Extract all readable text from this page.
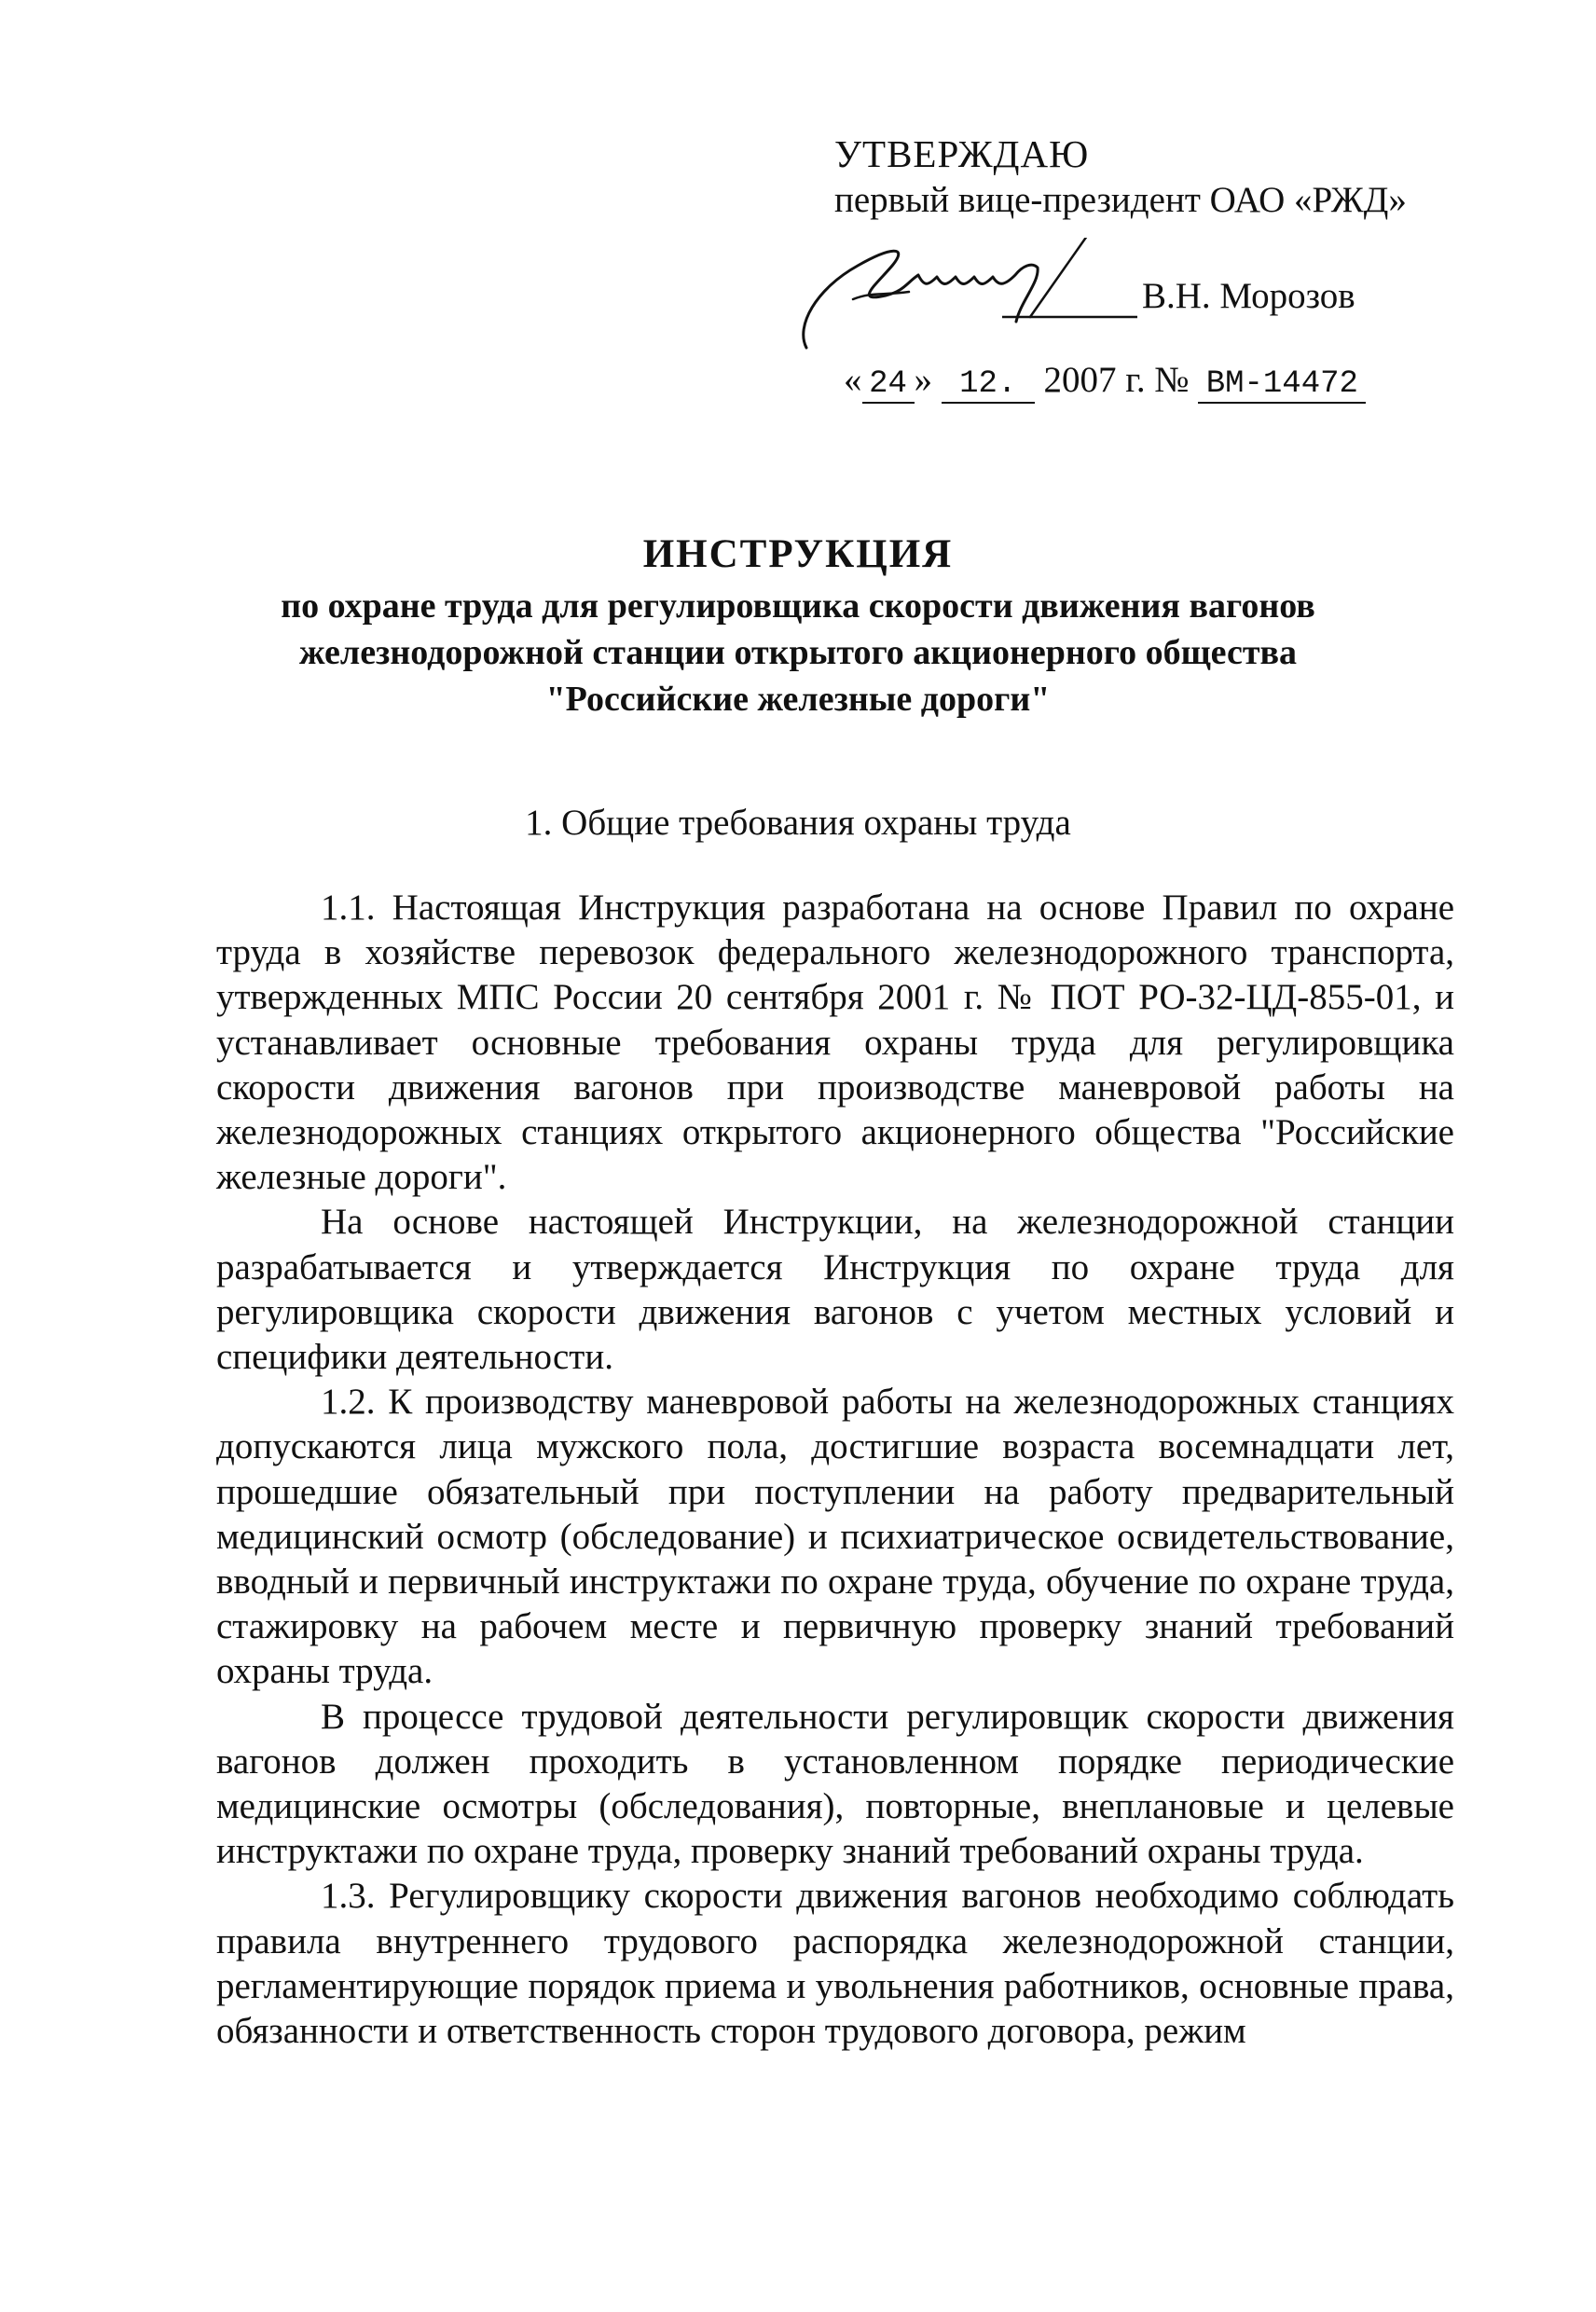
УТВЕРЖДАЮ
первый вице-президент ОАО «РЖД»
В.Н. Морозов
« 24 » 12. 2007 г. № ВМ-14472
ИНСТРУКЦИЯ

по охране труда для регулировщика скорости движения вагонов
железнодорожной станции открытого акционерного общества
"Российские железные дороги"

1. Общие требования охраны труда

1.1. Настоящая Инструкция разработана на основе Правил по охране труда в хозяйстве перевозок федерального железнодорожного транспорта, утвержденных МПС России 20 сентября 2001 г. № ПОТ РО-32-ЦД-855-01, и устанавливает основные требования охраны труда для регулировщика скорости движения вагонов при производстве маневровой работы на железнодорожных станциях открытого акционерного общества "Российские железные дороги".

На основе настоящей Инструкции, на железнодорожной станции разрабатывается и утверждается Инструкция по охране труда для регулировщика скорости движения вагонов с учетом местных условий и специфики деятельности.

1.2. К производству маневровой работы на железнодорожных станциях допускаются лица мужского пола, достигшие возраста восемнадцати лет, прошедшие обязательный при поступлении на работу предварительный медицинский осмотр (обследование) и психиатрическое освидетельствование, вводный и первичный инструктажи по охране труда, обучение по охране труда, стажировку на рабочем месте и первичную проверку знаний требований охраны труда.

В процессе трудовой деятельности регулировщик скорости движения вагонов должен проходить в установленном порядке периодические медицинские осмотры (обследования), повторные, внеплановые и целевые инструктажи по охране труда, проверку знаний требований охраны труда.

1.3. Регулировщику скорости движения вагонов необходимо соблюдать правила внутреннего трудового распорядка железнодорожной станции, регламентирующие порядок приема и увольнения работников, основные права, обязанности и ответственность сторон трудового договора, режим
